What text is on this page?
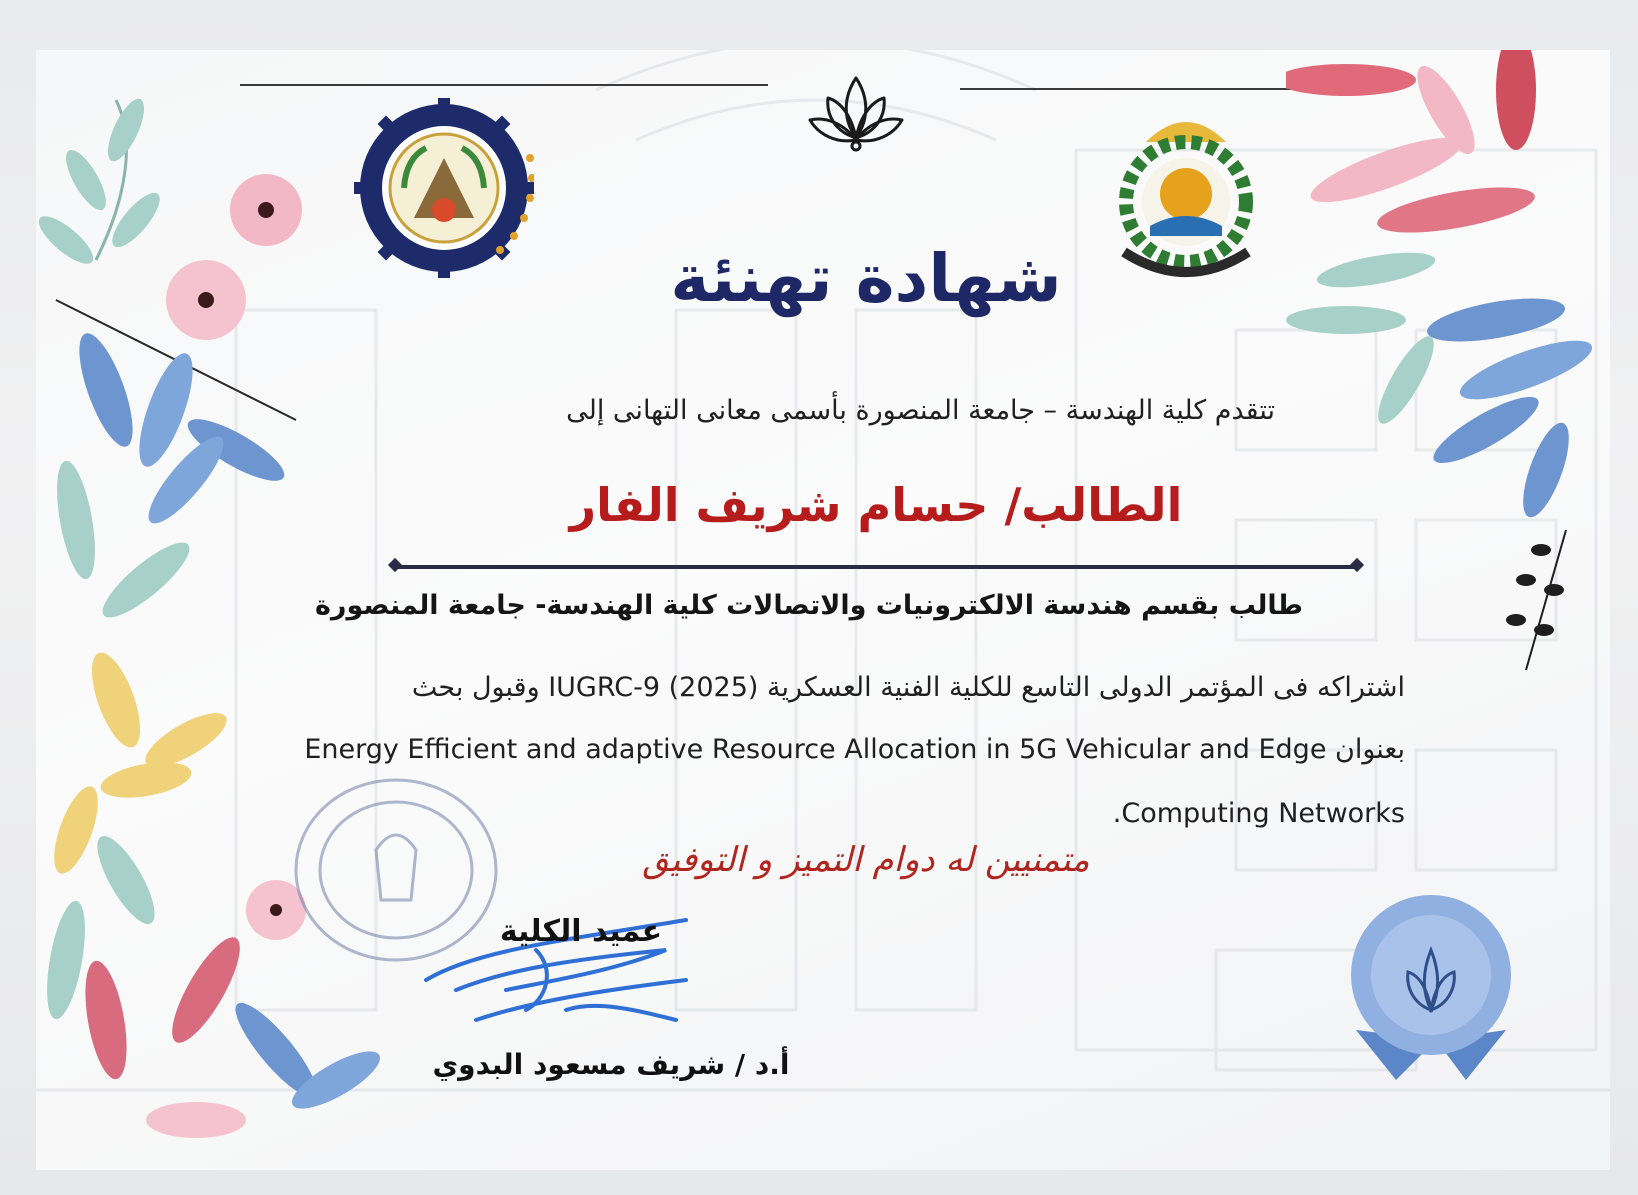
شهادة تهنئة
تتقدم كلية الهندسة – جامعة المنصورة بأسمى معانى التهانى إلى
الطالب/ حسام شريف الفار
طالب بقسم هندسة الالكترونيات والاتصالات كلية الهندسة- جامعة المنصورة
اشتراكه فى المؤتمر الدولى التاسع للكلية الفنية العسكرية (2025) IUGRC-9 وقبول بحث
بعنوان Energy Efficient and adaptive Resource Allocation in 5G Vehicular and Edge
Computing Networks.
متمنيين له دوام التميز و التوفيق
عميد الكلية
أ.د / شريف مسعود البدوي
